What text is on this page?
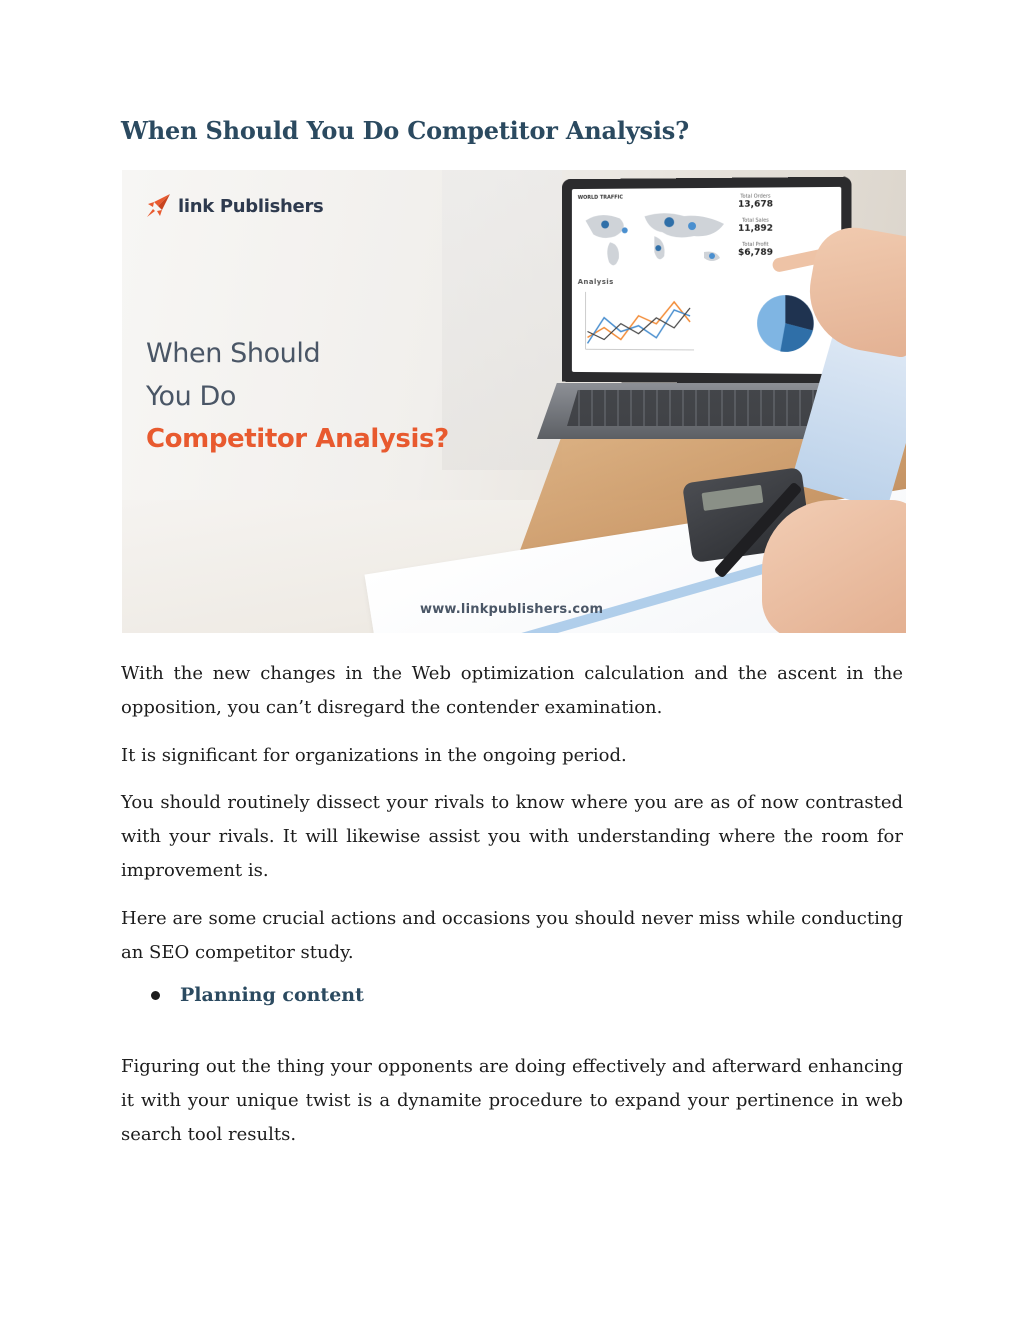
When Should You Do Competitor Analysis?
WORLD TRAFFIC	Total Orders
13,678
Total Sales
11,892
Total Profit
$6,789
Analysis
link Publishers
When Should
You Do
Competitor Analysis?
www.linkpublishers.com

With the new changes in the Web optimization calculation and the ascent in the opposition, you can’t disregard the contender examination.

It is significant for organizations in the ongoing period.

You should routinely dissect your rivals to know where you are as of now contrasted with your rivals. It will likewise assist you with understanding where the room for improvement is.

Here are some crucial actions and occasions you should never miss while conducting an SEO competitor study.

Planning content

Figuring out the thing your opponents are doing effectively and afterward enhancing it with your unique twist is a dynamite procedure to expand your pertinence in web search tool results.
